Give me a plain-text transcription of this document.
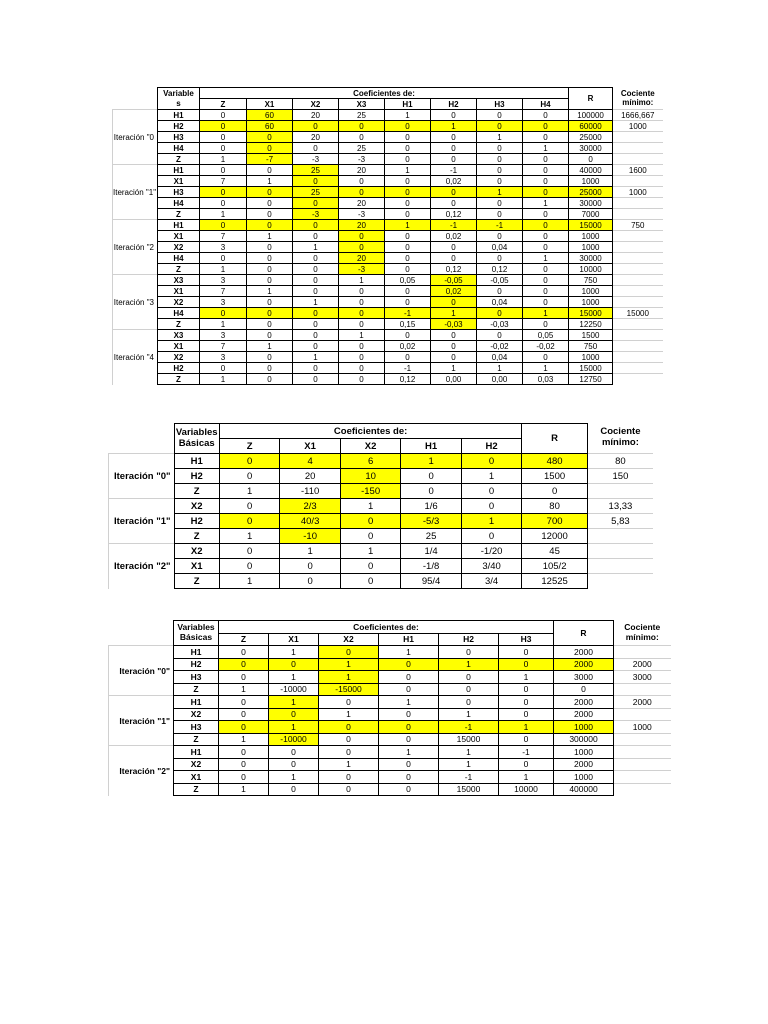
	Variable
s	Coeficientes de:								R	Cociente
mínimo:
		Z	X1	X2	X3	H1	H2	H3	H4		
Iteración "0	H1	0	60	20	25	1	0	0	0	100000	1666,667
	H2	0	60	0	0	0	1	0	0	60000	1000
	H3	0	0	20	0	0	0	1	0	25000	
	H4	0	0	0	25	0	0	0	1	30000	
	Z	1	-7	-3	-3	0	0	0	0	0	
Iteración "1"	H1	0	0	25	20	1	-1	0	0	40000	1600
	X1	7	1	0	0	0	0,02	0	0	1000	
	H3	0	0	25	0	0	0	1	0	25000	1000
	H4	0	0	0	20	0	0	0	1	30000	
	Z	1	0	-3	-3	0	0,12	0	0	7000	
Iteración "2	H1	0	0	0	20	1	-1	-1	0	15000	750
	X1	7	1	0	0	0	0,02	0	0	1000	
	X2	3	0	1	0	0	0	0,04	0	1000	
	H4	0	0	0	20	0	0	0	1	30000	
	Z	1	0	0	-3	0	0,12	0,12	0	10000	
Iteración "3	X3	3	0	0	1	0,05	-0,05	-0,05	0	750	
	X1	7	1	0	0	0	0,02	0	0	1000	
	X2	3	0	1	0	0	0	0,04	0	1000	
	H4	0	0	0	0	-1	1	0	1	15000	15000
	Z	1	0	0	0	0,15	-0,03	-0,03	0	12250	
Iteración "4	X3	3	0	0	1	0	0	0	0,05	1500	
	X1	7	1	0	0	0,02	0	-0,02	-0,02	750	
	X2	3	0	1	0	0	0	0,04	0	1000	
	H2	0	0	0	0	-1	1	1	1	15000	
	Z	1	0	0	0	0,12	0,00	0,00	0,03	12750	
	Variables
Básicas	Coeficientes de:					R	Cociente
mínimo:
		Z	X1	X2	H1	H2		
Iteración "0"	H1	0	4	6	1	0	480	80
	H2	0	20	10	0	1	1500	150
	Z	1	-110	-150	0	0	0	
Iteración "1"	X2	0	2/3	1	1/6	0	80	13,33
	H2	0	40/3	0	-5/3	1	700	5,83
	Z	1	-10	0	25	0	12000	
Iteración "2"	X2	0	1	1	1/4	-1/20	45	
	X1	0	0	0	-1/8	3/40	105/2	
	Z	1	0	0	95/4	3/4	12525	
	Variables
Básicas	Coeficientes de:						R	Cociente
mínimo:
		Z	X1	X2	H1	H2	H3		
Iteración "0"	H1	0	1	0	1	0	0	2000	
	H2	0	0	1	0	1	0	2000	2000
	H3	0	1	1	0	0	1	3000	3000
	Z	1	-10000	-15000	0	0	0	0	
Iteración "1"	H1	0	1	0	1	0	0	2000	2000
	X2	0	0	1	0	1	0	2000	
	H3	0	1	0	0	-1	1	1000	1000
	Z	1	-10000	0	0	15000	0	300000	
Iteración "2"	H1	0	0	0	1	1	-1	1000	
	X2	0	0	1	0	1	0	2000	
	X1	0	1	0	0	-1	1	1000	
	Z	1	0	0	0	15000	10000	400000	
